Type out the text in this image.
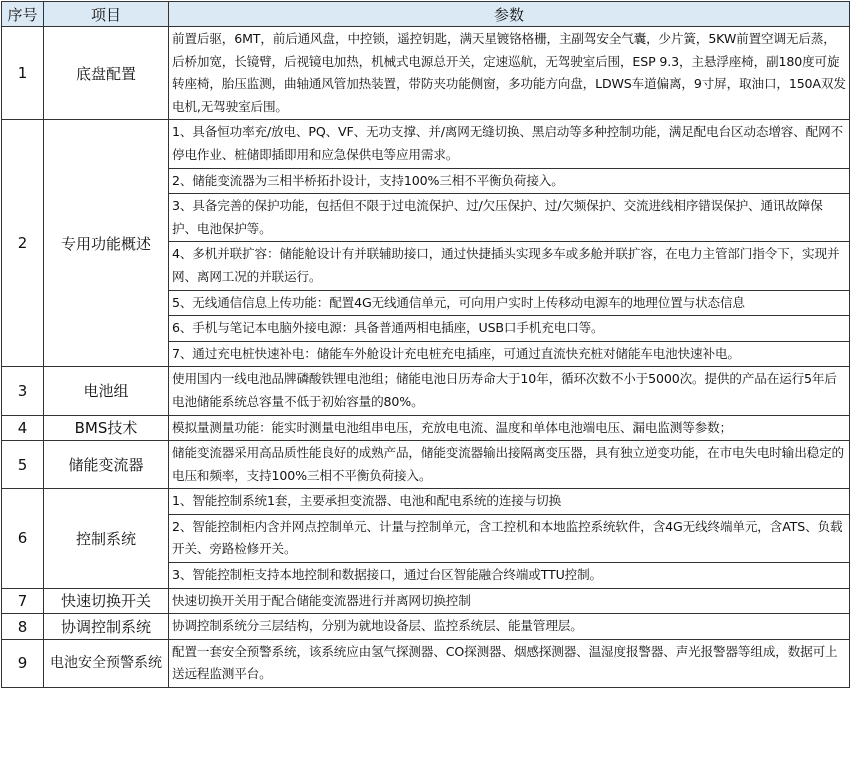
序号	项目	参数
1	底盘配置	前置后驱，6MT，前后通风盘，中控锁，遥控钥匙，满天星镀铬格栅，主副驾安全气囊，少片簧，5KW前置空调无后蒸，后桥加宽，长镜臂，后视镜电加热，机械式电源总开关，定速巡航，无驾驶室后围，ESP 9.3，主悬浮座椅，副180度可旋转座椅，胎压监测，曲轴通风管加热装置，带防夹功能侧窗，多功能方向盘，LDWS车道偏离，9寸屏，取油口，150A双发电机,无驾驶室后围。
2	专用功能概述	1、具备恒功率充/放电、PQ、VF、无功支撑、并/离网无缝切换、黑启动等多种控制功能，满足配电台区动态增容、配网不停电作业、桩储即插即用和应急保供电等应用需求。
		2、储能变流器为三相半桥拓扑设计，支持100%三相不平衡负荷接入。
		3、具备完善的保护功能，包括但不限于过电流保护、过/欠压保护、过/欠频保护、交流进线相序错误保护、通讯故障保护、电池保护等。
		4、多机并联扩容：储能舱设计有并联辅助接口，通过快捷插头实现多车或多舱并联扩容，在电力主管部门指令下，实现并网、离网工况的并联运行。
		5、无线通信信息上传功能：配置4G无线通信单元，可向用户实时上传移动电源车的地理位置与状态信息
		6、手机与笔记本电脑外接电源：具备普通两相电插座，USB口手机充电口等。
		7、通过充电桩快速补电：储能车外舱设计充电桩充电插座，可通过直流快充桩对储能车电池快速补电。
3	电池组	使用国内一线电池品牌磷酸铁锂电池组；储能电池日历寿命大于10年，循环次数不小于5000次。提供的产品在运行5年后电池储能系统总容量不低于初始容量的80%。
4	BMS技术	模拟量测量功能：能实时测量电池组串电压，充放电电流、温度和单体电池端电压、漏电监测等参数；
5	储能变流器	储能变流器采用高品质性能良好的成熟产品，储能变流器输出接隔离变压器，具有独立逆变功能，在市电失电时输出稳定的电压和频率，支持100%三相不平衡负荷接入。
6	控制系统	1、智能控制系统1套，主要承担变流器、电池和配电系统的连接与切换
		2、智能控制柜内含并网点控制单元、计量与控制单元，含工控机和本地监控系统软件，含4G无线终端单元，含ATS、负载开关、旁路检修开关。
		3、智能控制柜支持本地控制和数据接口，通过台区智能融合终端或TTU控制。
7	快速切换开关	快速切换开关用于配合储能变流器进行并离网切换控制
8	协调控制系统	协调控制系统分三层结构，分别为就地设备层、监控系统层、能量管理层。
9	电池安全预警系统	配置一套安全预警系统，该系统应由氢气探测器、CO探测器、烟感探测器、温湿度报警器、声光报警器等组成，数据可上送远程监测平台。
